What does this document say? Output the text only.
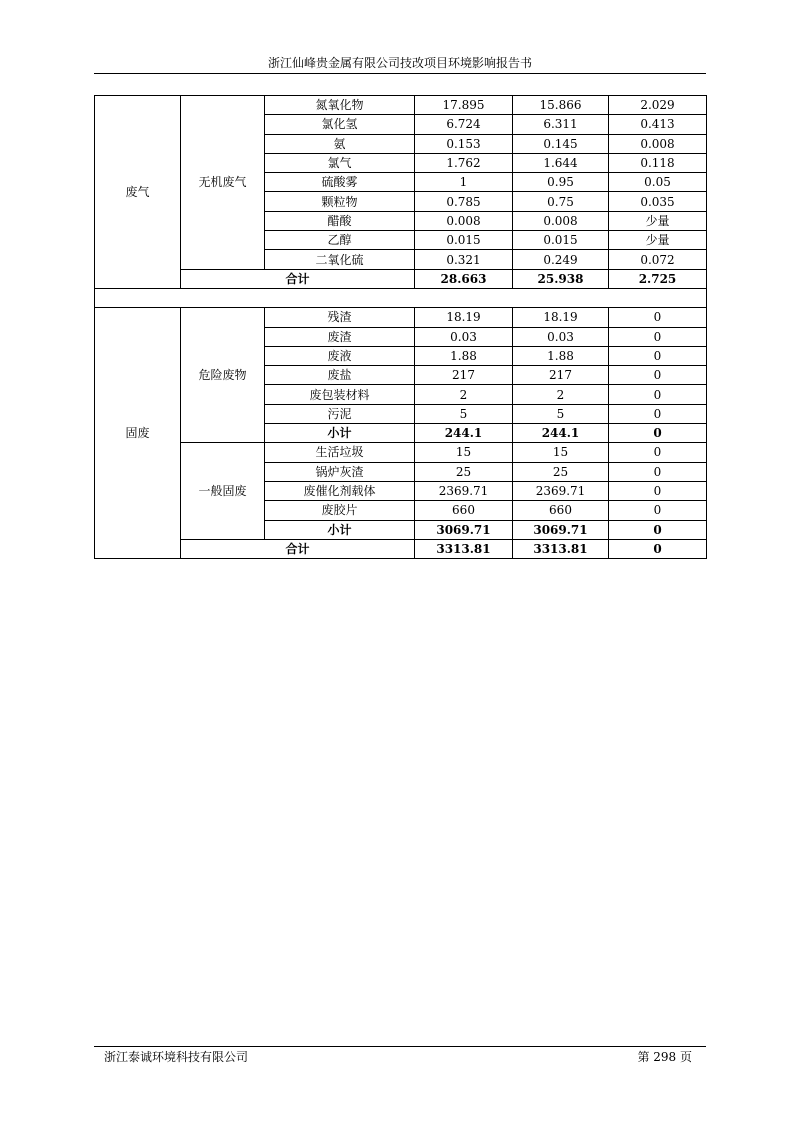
浙江仙峰贵金属有限公司技改项目环境影响报告书
废气	无机废气	氮氧化物	17.895	15.866	2.029
		氯化氢	6.724	6.311	0.413
		氨	0.153	0.145	0.008
		氯气	1.762	1.644	0.118
		硫酸雾	1	0.95	0.05
		颗粒物	0.785	0.75	0.035
		醋酸	0.008	0.008	少量
		乙醇	0.015	0.015	少量
		二氧化硫	0.321	0.249	0.072
	合计		28.663	25.938	2.725

固废	危险废物	残渣	18.19	18.19	0
		废渣	0.03	0.03	0
		废液	1.88	1.88	0
		废盐	217	217	0
		废包装材料	2	2	0
		污泥	5	5	0
		小计	244.1	244.1	0
	一般固废	生活垃圾	15	15	0
		锅炉灰渣	25	25	0
		废催化剂载体	2369.71	2369.71	0
		废胶片	660	660	0
		小计	3069.71	3069.71	0
	合计		3313.81	3313.81	0
浙江泰诚环境科技有限公司	第 298 页
